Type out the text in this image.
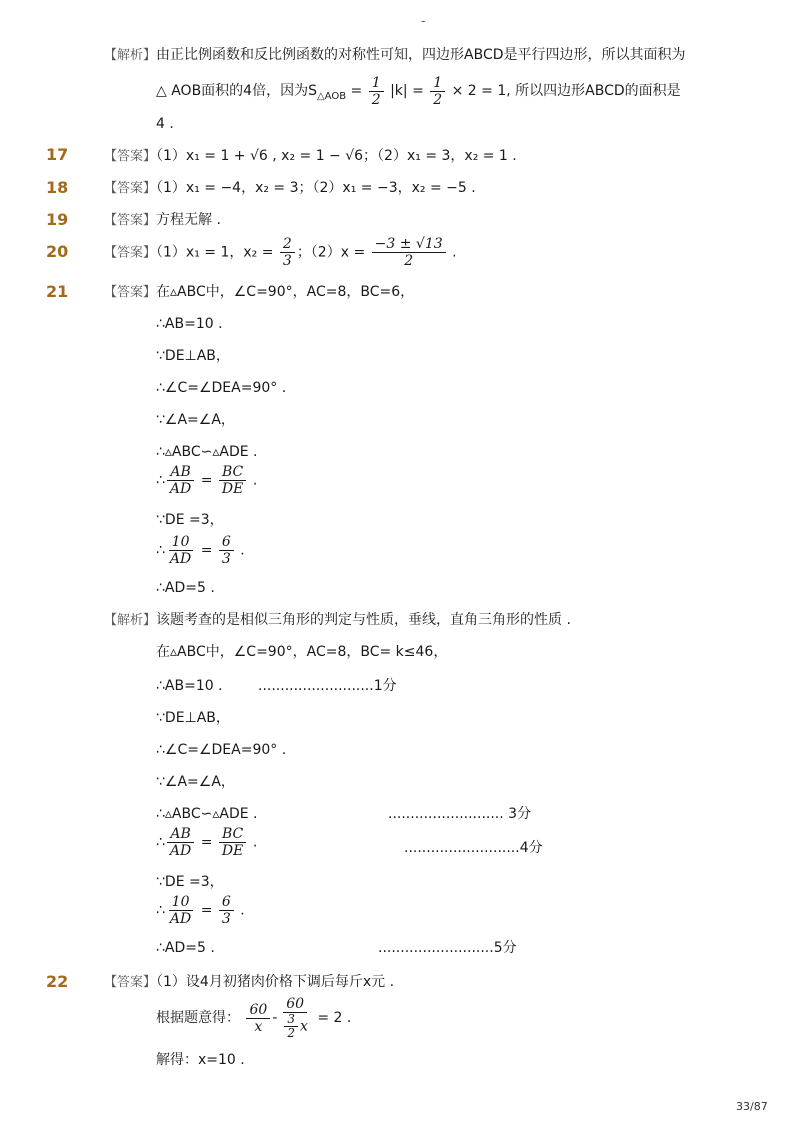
-
【解析】由正比例函数和反比例函数的对称性可知，四边形ABCD是平行四边形，所以其面积为
△ AOB面积的4倍，因为$S_{\triangle AOB} = \frac{1}{2} |k| = \frac{1}{2} \times 2 = 1$, 所以四边形ABCD的面积是
4 .
17	【答案】（1）x₁ = 1 + √6 , x₂ = 1 − √6；（2）x₁ = 3，x₂ = 1 .
18	【答案】（1）x₁ = −4，x₂ = 3；（2）x₁ = −3，x₂ = −5 .
19	【答案】方程无解 .
20	【答案】（1）x₁ = 1，$x_2 = \frac{2}{3}$ ；$(2)x = \frac{-3 \pm √13}{2}$ .
21	【答案】在▵ABC中，∠C=90°，AC=8，BC=6，
∴AB=10 .
∵DE⊥AB，
∴∠C=∠DEA=90° .
∵∠A=∠A，
∴▵ABC∽▵ADE .
∴ $\frac{AB}{AD} = \frac{BC}{DE}$ .
∵DE =3，
∴ $\frac{10}{AD} = \frac{6}{3}$ .
∴AD=5 .
【解析】该题考查的是相似三角形的判定与性质，垂线，直角三角形的性质 .
在▵ABC中，∠C=90°，AC=8，BC= k≤46，
∴AB=10 .	..........................1分
∵DE⊥AB，
∴∠C=∠DEA=90° .
∵∠A=∠A，
∴▵ABC∽▵ADE .	.......................... 3分
∴ $\frac{AB}{AD} = \frac{BC}{DE}$ .	..........................4分
∵DE =3，
∴ $\frac{10}{AD} = \frac{6}{3}$ .
∴AD=5 .	..........................5分
22	【答案】（1）设4月初猪肉价格下调后每斤x元 .
根据题意得： $\frac{60}{x} - \frac{60}{\frac{3}{2} x} = 2$ .
解得：x=10 .
33/87
